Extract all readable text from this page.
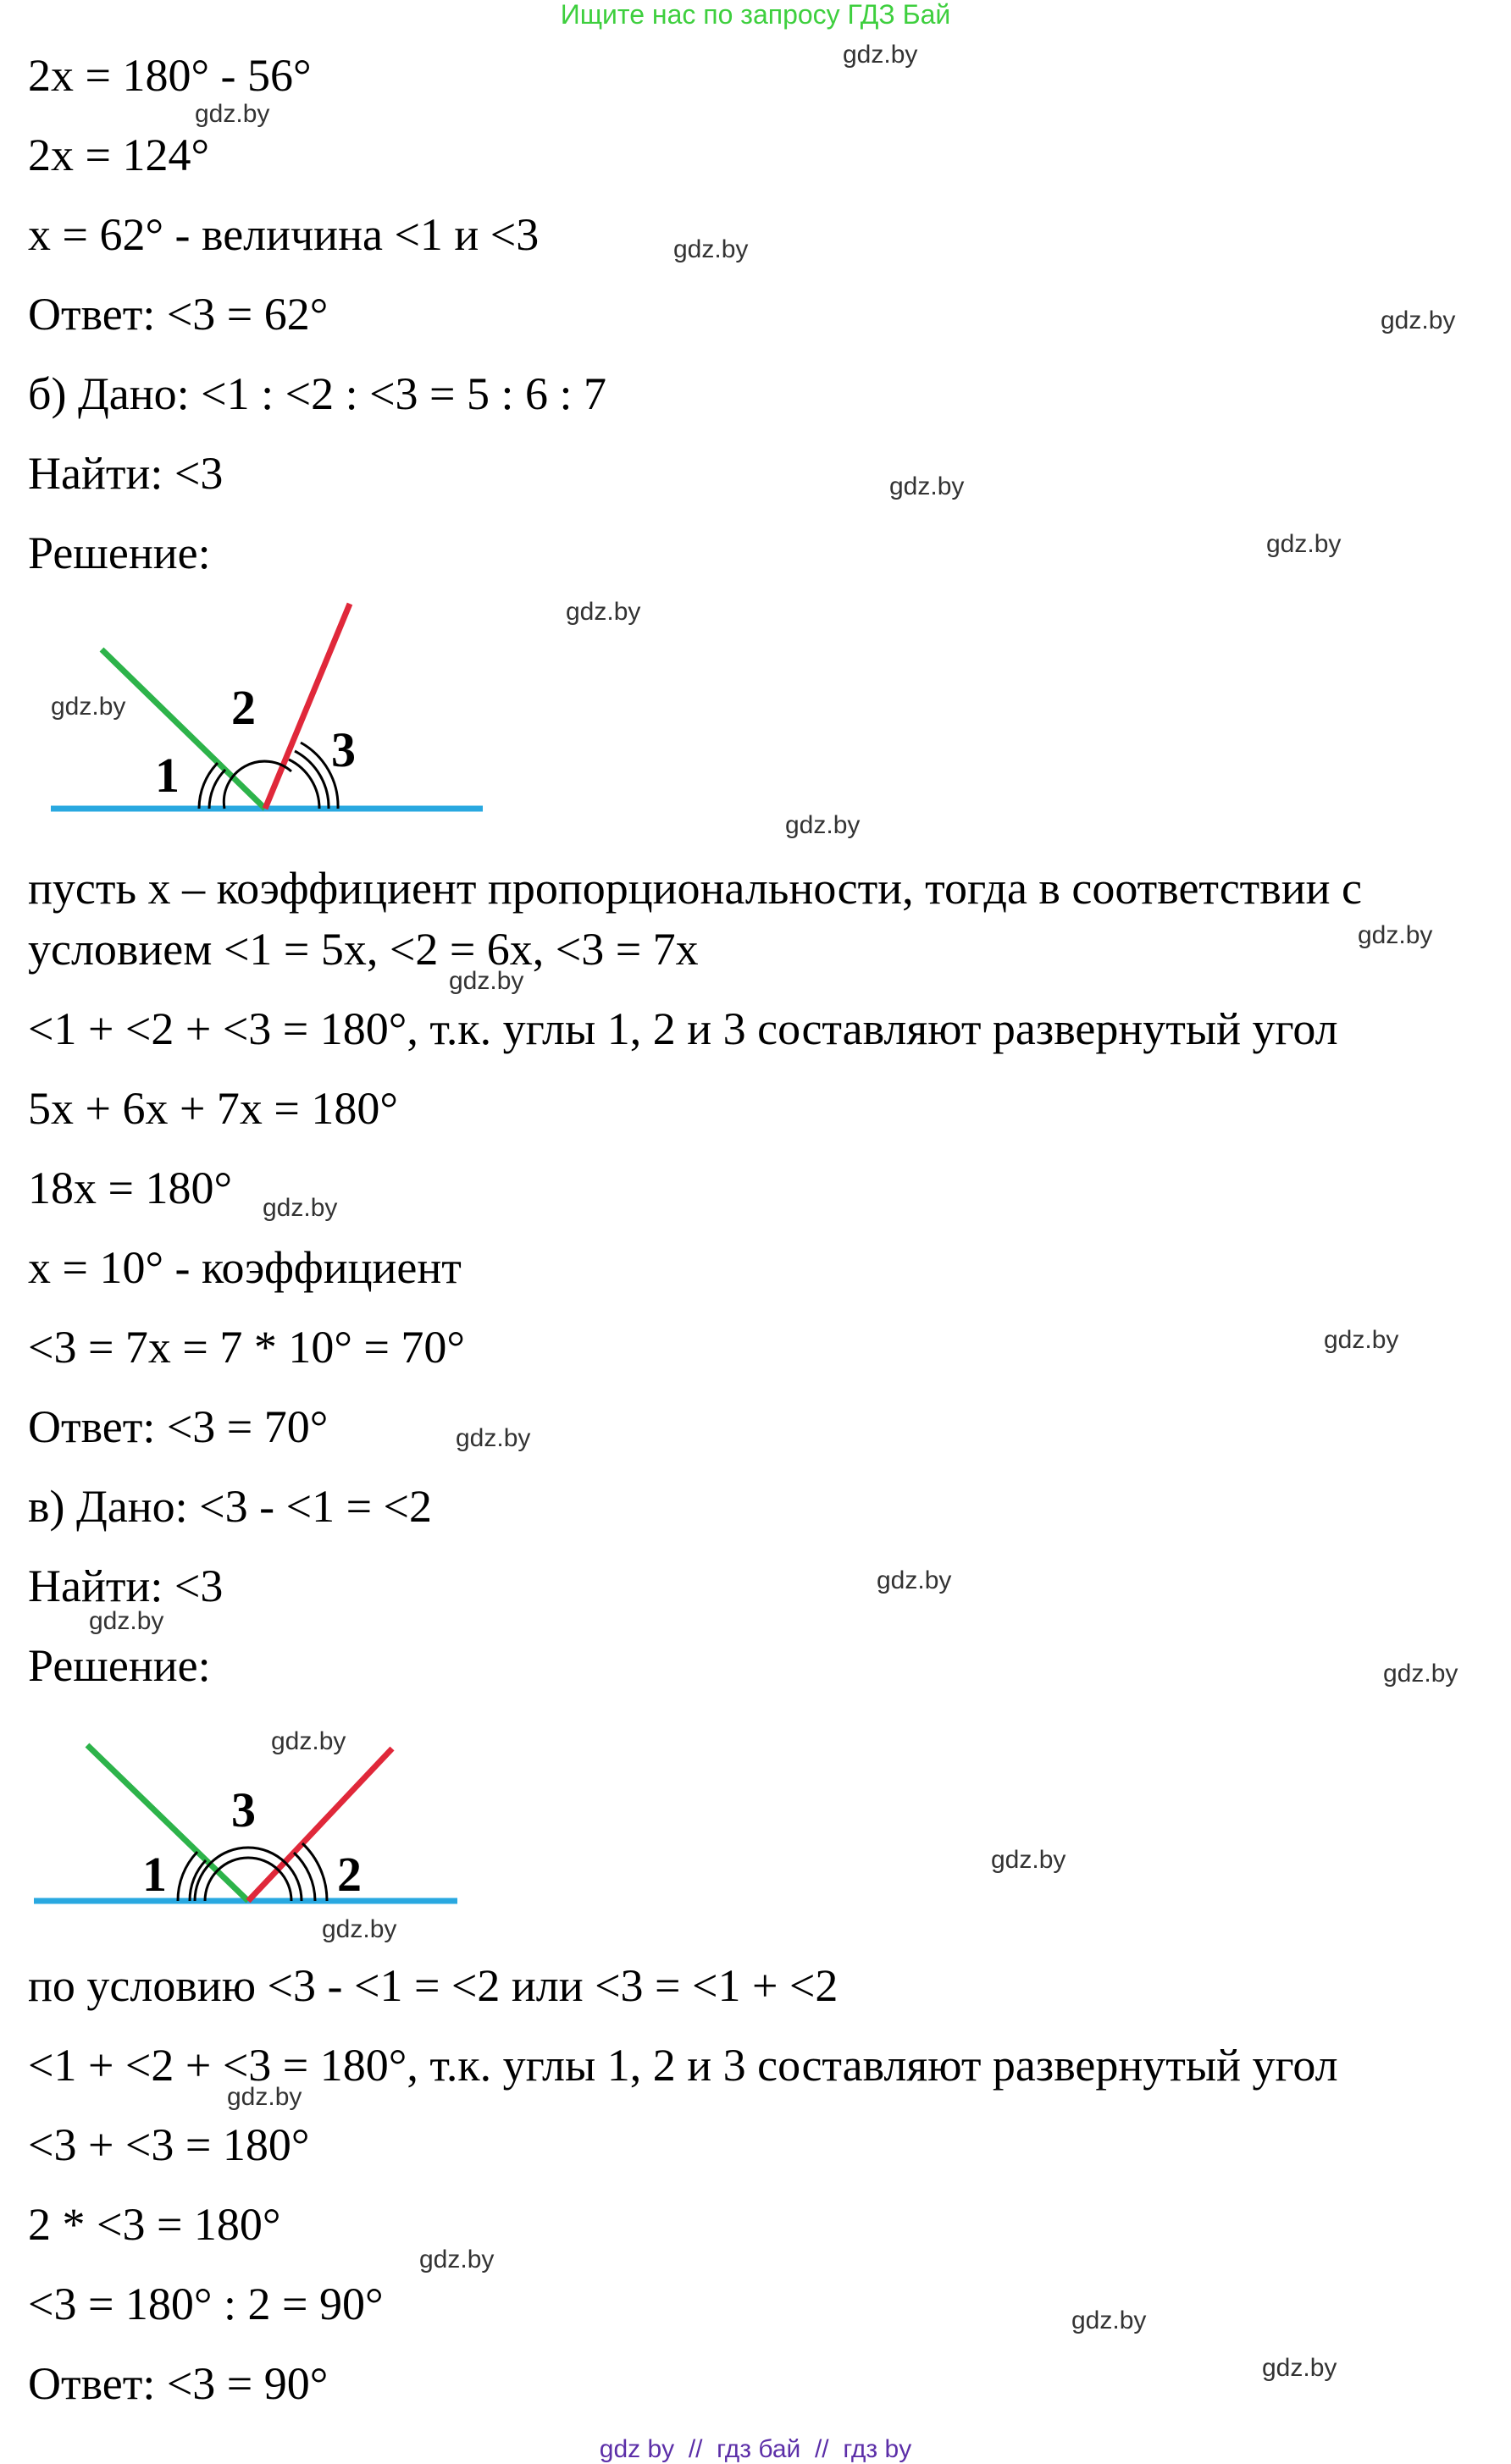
Ищите нас по запросу ГДЗ Бай

2x = 180° - 56°

2x = 124°

x = 62° - величина <1 и <3

Ответ: <3 = 62°

б) Дано: <1 : <2 : <3 = 5 : 6 : 7

Найти: <3

Решение:

1
2
3

пусть x – коэффициент пропорциональности, тогда в соответствии с

условием <1 = 5x, <2 = 6x, <3 = 7x

<1 + <2 + <3 = 180°, т.к. углы 1, 2 и 3 составляют развернутый угол

5x + 6x + 7x = 180°

18x = 180°

x = 10° - коэффициент

<3 = 7x = 7 * 10° = 70°

Ответ: <3 = 70°

в) Дано: <3 - <1 = <2

Найти: <3

Решение:

1
3
2

по условию <3 - <1 = <2 или <3 = <1 + <2

<1 + <2 + <3 = 180°, т.к. углы 1, 2 и 3 составляют развернутый угол

<3 + <3 = 180°

2 * <3 = 180°

<3 = 180° : 2 = 90°

Ответ: <3 = 90°

gdz.by
gdz.by
gdz.by
gdz.by
gdz.by
gdz.by
gdz.by
gdz.by
gdz.by
gdz.by
gdz.by
gdz.by
gdz.by
gdz.by
gdz.by
gdz.by
gdz.by
gdz.by
gdz.by
gdz.by
gdz.by
gdz.by
gdz.by
gdz.by
gdz by  //  гдз бай  //  гдз by
